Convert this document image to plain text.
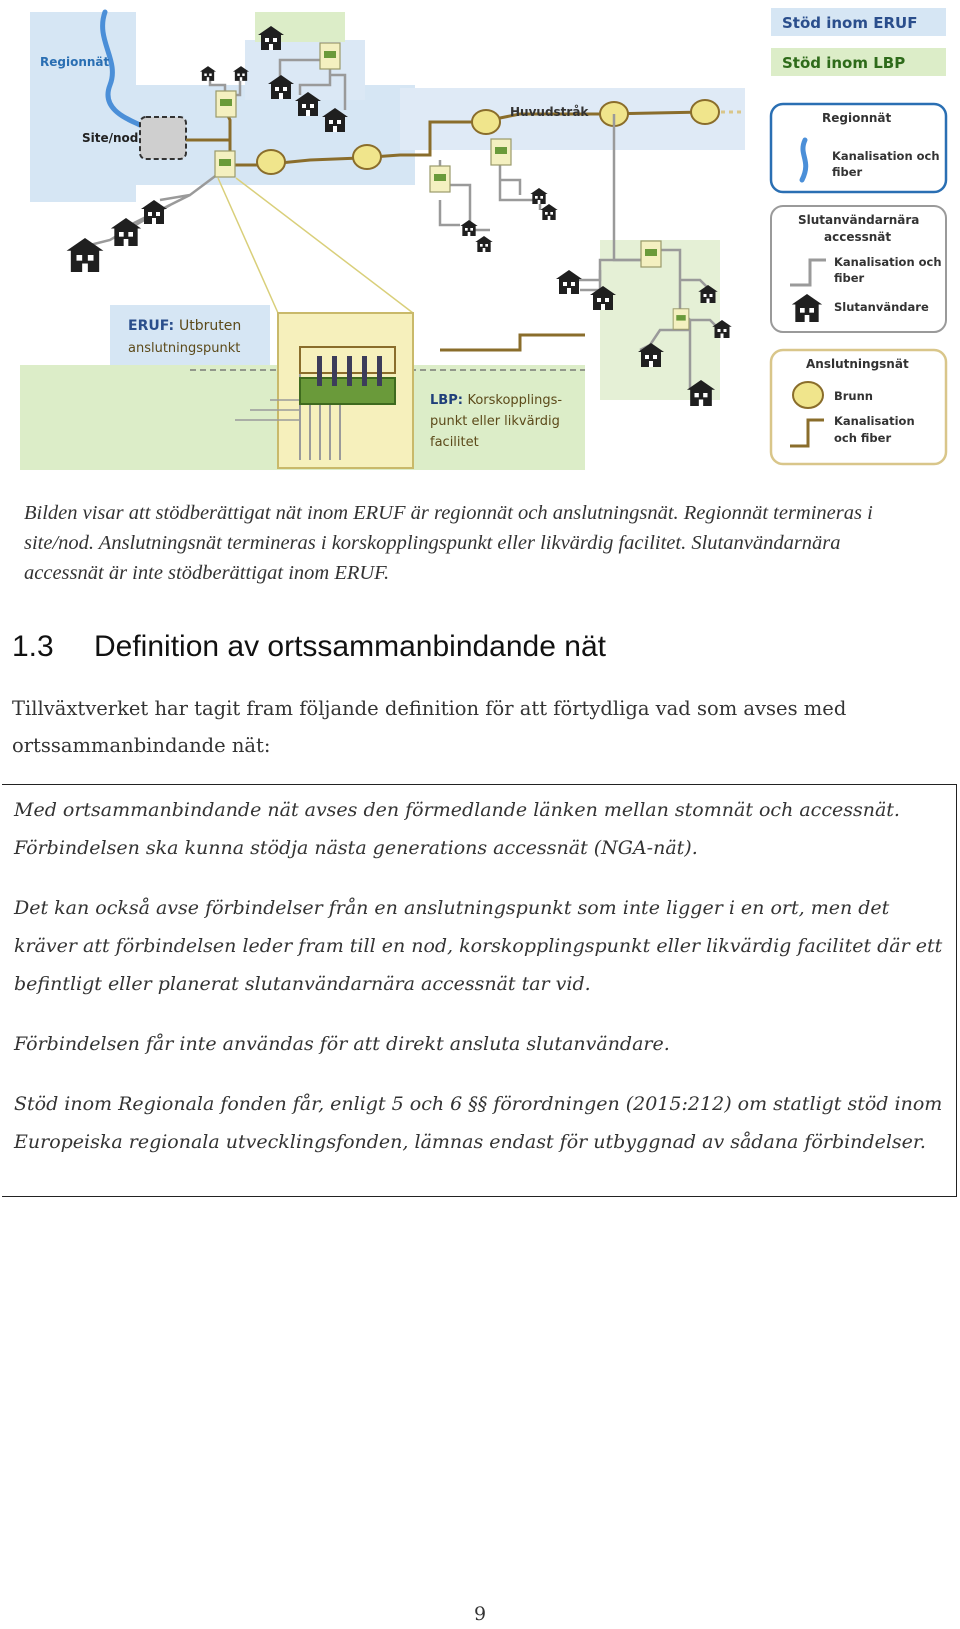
Regionnät
Site/nod
Huvudstråk
ERUF: Utbruten
anslutningspunkt
LBP: Korskopplings-
punkt eller likvärdig
facilitet
Stöd inom ERUF
Stöd inom LBP
Regionnät
Kanalisation och
fiber
Slutanvändarnära
accessnät
Kanalisation och
fiber
Slutanvändare
Anslutningsnät
Brunn
Kanalisation
och fiber

Bilden visar att stödberättigat nät inom ERUF är regionnät och anslutningsnät. Regionnät termineras i site/nod. Anslutningsnät termineras i korskopplingspunkt eller likvärdig facilitet. Slutanvändarnära accessnät är inte stödberättigat inom ERUF.

1.3 Definition av ortssammanbindande nät

Tillväxtverket har tagit fram följande definition för att förtydliga vad som avses med ortssammanbindande nät:

Med ortsammanbindande nät avses den förmedlande länken mellan stomnät och accessnät. Förbindelsen ska kunna stödja nästa generations accessnät (NGA-nät).

Det kan också avse förbindelser från en anslutningspunkt som inte ligger i en ort, men det kräver att förbindelsen leder fram till en nod, korskopplingspunkt eller likvärdig facilitet där ett befintligt eller planerat slutanvändarnära accessnät tar vid.

Förbindelsen får inte användas för att direkt ansluta slutanvändare.

Stöd inom Regionala fonden får, enligt 5 och 6 §§ förordningen (2015:212) om statligt stöd inom Europeiska regionala utvecklingsfonden, lämnas endast för utbyggnad av sådana förbindelser.

9
